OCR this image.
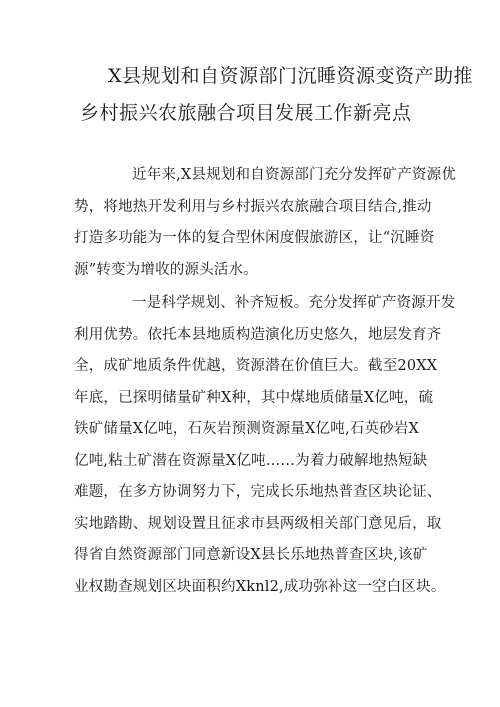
X县规划和自资源部门沉睡资源变资产助推
乡村振兴农旅融合项目发展工作新亮点

近年来,X县规划和自资源部门充分发挥矿产资源优
势，将地热开发利用与乡村振兴农旅融合项目结合,推动
打造多功能为一体的复合型休闲度假旅游区，让“沉睡资
源”转变为增收的源头活水。

一是科学规划、补齐短板。充分发挥矿产资源开发
利用优势。依托本县地质构造演化历史悠久，地层发育齐
全，成矿地质条件优越，资源潜在价值巨大。截至20XX
年底，已探明储量矿种X种，其中煤地质储量X亿吨，硫
铁矿储量X亿吨，石灰岩预测资源量X亿吨,石英砂岩X
亿吨,粘土矿潜在资源量X亿吨……为着力破解地热短缺
难题，在多方协调努力下，完成长乐地热普查区块论证、
实地踏勘、规划设置且征求市县两级相关部门意见后，取
得省自然资源部门同意新设X县长乐地热普查区块,该矿
业权勘查规划区块面积约Xknl2,成功弥补这一空白区块。
